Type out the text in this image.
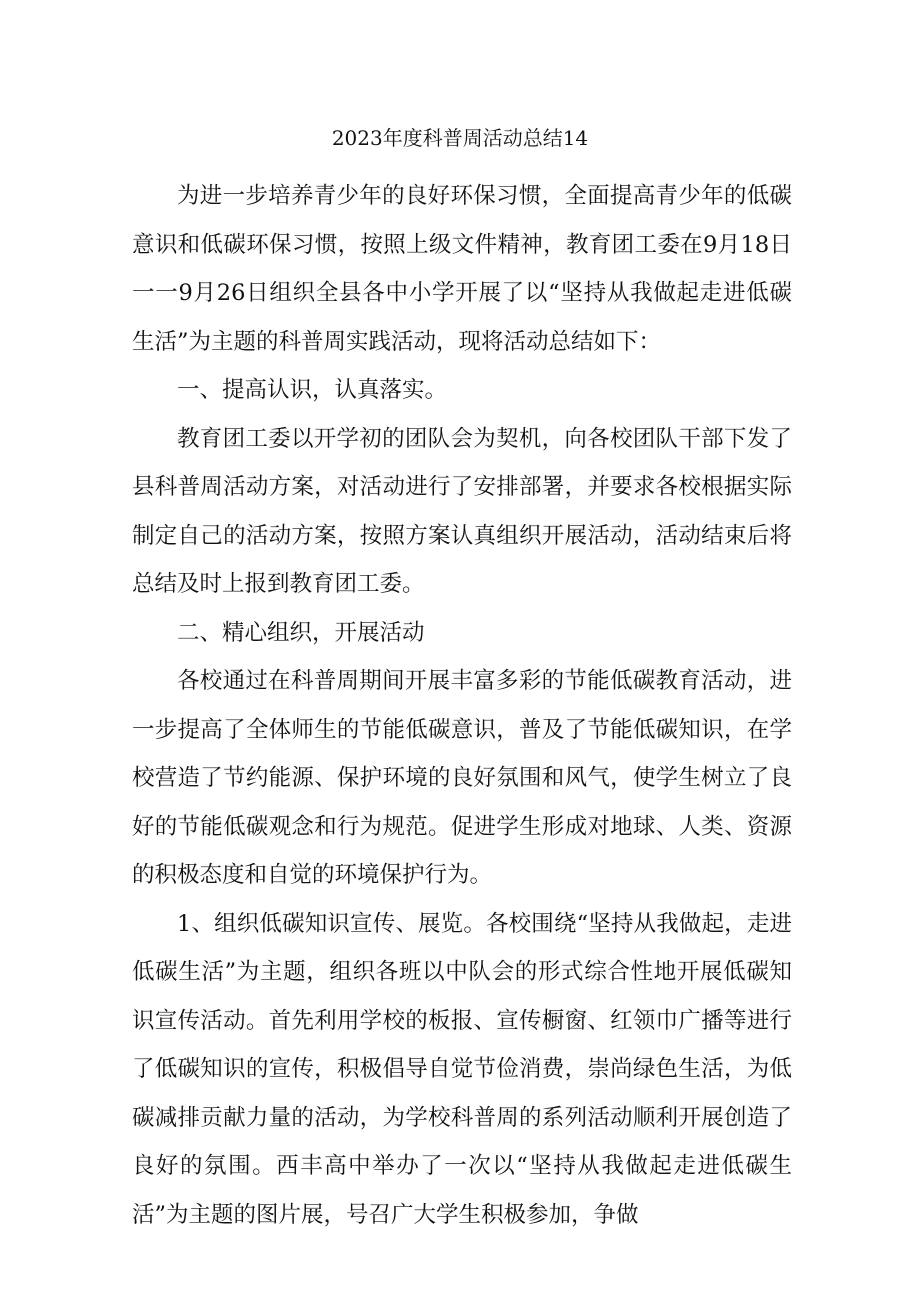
2023年度科普周活动总结14

为进一步培养青少年的良好环保习惯，全面提高青少年的低碳意识和低碳环保习惯，按照上级文件精神，教育团工委在9月18日一一9月26日组织全县各中小学开展了以“坚持从我做起走进低碳生活”为主题的科普周实践活动，现将活动总结如下：

一、提高认识，认真落实。

教育团工委以开学初的团队会为契机，向各校团队干部下发了县科普周活动方案，对活动进行了安排部署，并要求各校根据实际制定自己的活动方案，按照方案认真组织开展活动，活动结束后将总结及时上报到教育团工委。

二、精心组织，开展活动

各校通过在科普周期间开展丰富多彩的节能低碳教育活动，进一步提高了全体师生的节能低碳意识，普及了节能低碳知识，在学校营造了节约能源、保护环境的良好氛围和风气，使学生树立了良好的节能低碳观念和行为规范。促进学生形成对地球、人类、资源的积极态度和自觉的环境保护行为。

1、组织低碳知识宣传、展览。各校围绕“坚持从我做起，走进低碳生活”为主题，组织各班以中队会的形式综合性地开展低碳知识宣传活动。首先利用学校的板报、宣传橱窗、红领巾广播等进行了低碳知识的宣传，积极倡导自觉节俭消费，崇尚绿色生活，为低碳减排贡献力量的活动，为学校科普周的系列活动顺利开展创造了良好的氛围。西丰高中举办了一次以“坚持从我做起走进低碳生活”为主题的图片展，号召广大学生积极参加，争做
